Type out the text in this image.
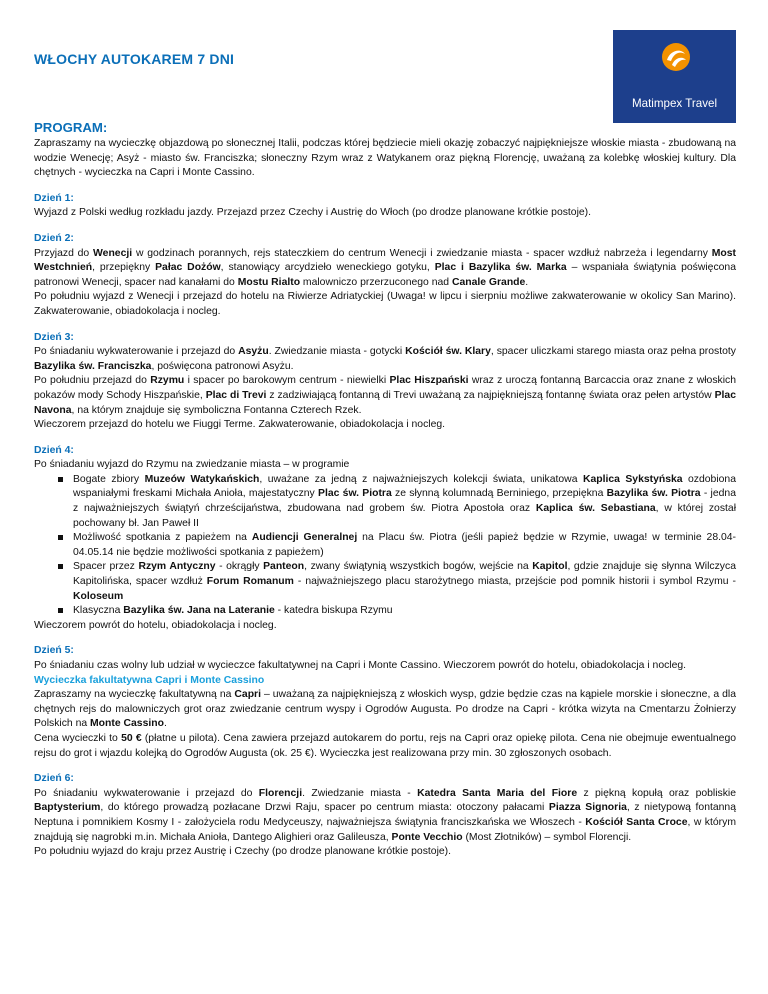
WŁOCHY AUTOKAREM 7 DNI
Matimpex Travel
PROGRAM:

Zapraszamy na wycieczkę objazdową po słonecznej Italii, podczas której będziecie mieli okazję zobaczyć najpiękniejsze włoskie miasta - zbudowaną na wodzie Wenecję; Asyż - miasto św. Franciszka; słoneczny Rzym wraz z Watykanem oraz piękną Florencję, uważaną za kolebkę włoskiej kultury. Dla chętnych - wycieczka na Capri i Monte Cassino.

Dzień 1:

Wyjazd z Polski według rozkładu jazdy. Przejazd przez Czechy i Austrię do Włoch (po drodze planowane krótkie postoje).

Dzień 2:

Przyjazd do Wenecji w godzinach porannych, rejs stateczkiem do centrum Wenecji i zwiedzanie miasta - spacer wzdłuż nabrzeża i legendarny Most Westchnień, przepiękny Pałac Dożów, stanowiący arcydzieło weneckiego gotyku, Plac i Bazylika św. Marka – wspaniała świątynia poświęcona patronowi Wenecji, spacer nad kanałami do Mostu Rialto malowniczo przerzuconego nad Canale Grande.

Po południu wyjazd z Wenecji i przejazd do hotelu na Riwierze Adriatyckiej (Uwaga! w lipcu i sierpniu możliwe zakwaterowanie w okolicy San Marino). Zakwaterowanie, obiadokolacja i nocleg.

Dzień 3:

Po śniadaniu wykwaterowanie i przejazd do Asyżu. Zwiedzanie miasta - gotycki Kościół św. Klary, spacer uliczkami starego miasta oraz pełna prostoty Bazylika św. Franciszka, poświęcona patronowi Asyżu.

Po południu przejazd do Rzymu i spacer po barokowym centrum - niewielki Plac Hiszpański wraz z uroczą fontanną Barcaccia oraz znane z włoskich pokazów mody Schody Hiszpańskie, Plac di Trevi z zadziwiającą fontanną di Trevi uważaną za najpiękniejszą fontannę świata oraz pełen artystów Plac Navona, na którym znajduje się symboliczna Fontanna Czterech Rzek.

Wieczorem przejazd do hotelu we Fiuggi Terme. Zakwaterowanie, obiadokolacja i nocleg.

Dzień 4:

Po śniadaniu wyjazd do Rzymu na zwiedzanie miasta – w programie

Bogate zbiory Muzeów Watykańskich, uważane za jedną z najważniejszych kolekcji świata, unikatowa Kaplica Sykstyńska ozdobiona wspaniałymi freskami Michała Anioła, majestatyczny Plac św. Piotra ze słynną kolumnadą Berniniego, przepiękna Bazylika św. Piotra - jedna z najważniejszych świątyń chrześcijaństwa, zbudowana nad grobem św. Piotra Apostoła oraz Kaplica św. Sebastiana, w której został pochowany bł. Jan Paweł II
Możliwość spotkania z papieżem na Audiencji Generalnej na Placu św. Piotra (jeśli papież będzie w Rzymie, uwaga! w terminie 28.04-04.05.14 nie będzie możliwości spotkania z papieżem)
Spacer przez Rzym Antyczny - okrągły Panteon, zwany świątynią wszystkich bogów, wejście na Kapitol, gdzie znajduje się słynna Wilczyca Kapitolińska, spacer wzdłuż Forum Romanum - najważniejszego placu starożytnego miasta, przejście pod pomnik historii i symbol Rzymu - Koloseum
Klasyczna Bazylika św. Jana na Lateranie - katedra biskupa Rzymu

Wieczorem powrót do hotelu, obiadokolacja i nocleg.

Dzień 5:

Po śniadaniu czas wolny lub udział w wycieczce fakultatywnej na Capri i Monte Cassino. Wieczorem powrót do hotelu, obiadokolacja i nocleg.

Wycieczka fakultatywna Capri i Monte Cassino

Zapraszamy na wycieczkę fakultatywną na Capri – uważaną za najpiękniejszą z włoskich wysp, gdzie będzie czas na kąpiele morskie i słoneczne, a dla chętnych rejs do malowniczych grot oraz zwiedzanie centrum wyspy i Ogrodów Augusta. Po drodze na Capri - krótka wizyta na Cmentarzu Żołnierzy Polskich na Monte Cassino.

Cena wycieczki to 50 € (płatne u pilota). Cena zawiera przejazd autokarem do portu, rejs na Capri oraz opiekę pilota. Cena nie obejmuje ewentualnego rejsu do grot i wjazdu kolejką do Ogrodów Augusta (ok. 25 €). Wycieczka jest realizowana przy min. 30 zgłoszonych osobach.

Dzień 6:

Po śniadaniu wykwaterowanie i przejazd do Florencji. Zwiedzanie miasta - Katedra Santa Maria del Fiore z piękną kopułą oraz pobliskie Baptysterium, do którego prowadzą pozłacane Drzwi Raju, spacer po centrum miasta: otoczony pałacami Piazza Signoria, z nietypową fontanną Neptuna i pomnikiem Kosmy I - założyciela rodu Medyceuszy, najważniejsza świątynia franciszkańska we Włoszech - Kościół Santa Croce, w którym znajdują się nagrobki m.in. Michała Anioła, Dantego Alighieri oraz Galileusza, Ponte Vecchio (Most Złotników) – symbol Florencji.

Po południu wyjazd do kraju przez Austrię i Czechy (po drodze planowane krótkie postoje).
